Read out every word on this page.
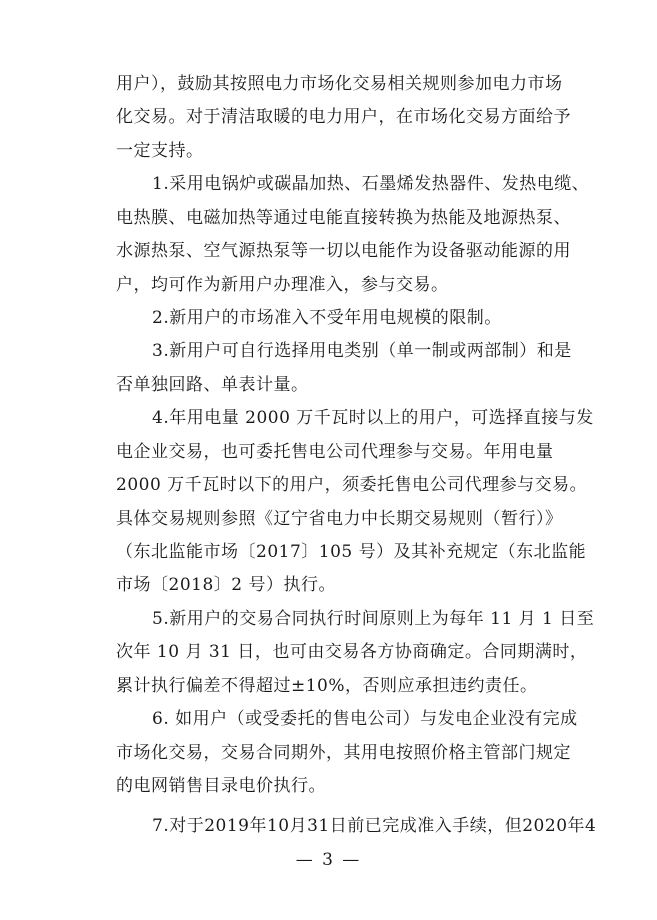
用户），鼓励其按照电力市场化交易相关规则参加电力市场
化交易。对于清洁取暖的电力用户，在市场化交易方面给予
一定支持。
1.采用电锅炉或碳晶加热、石墨烯发热器件、发热电缆、
电热膜、电磁加热等通过电能直接转换为热能及地源热泵、
水源热泵、空气源热泵等一切以电能作为设备驱动能源的用
户，均可作为新用户办理准入，参与交易。
2.新用户的市场准入不受年用电规模的限制。
3.新用户可自行选择用电类别（单一制或两部制）和是
否单独回路、单表计量。
4.年用电量 2000 万千瓦时以上的用户，可选择直接与发
电企业交易，也可委托售电公司代理参与交易。年用电量
2000 万千瓦时以下的用户，须委托售电公司代理参与交易。
具体交易规则参照《辽宁省电力中长期交易规则（暂行）》
（东北监能市场〔2017〕105 号）及其补充规定（东北监能
市场〔2018〕2 号）执行。
5.新用户的交易合同执行时间原则上为每年 11 月 1 日至
次年 10 月 31 日，也可由交易各方协商确定。合同期满时，
累计执行偏差不得超过±10%，否则应承担违约责任。
6. 如用户（或受委托的售电公司）与发电企业没有完成
市场化交易，交易合同期外，其用电按照价格主管部门规定
的电网销售目录电价执行。
7.对于2019年10月31日前已完成准入手续，但2020年4
— 3 —
